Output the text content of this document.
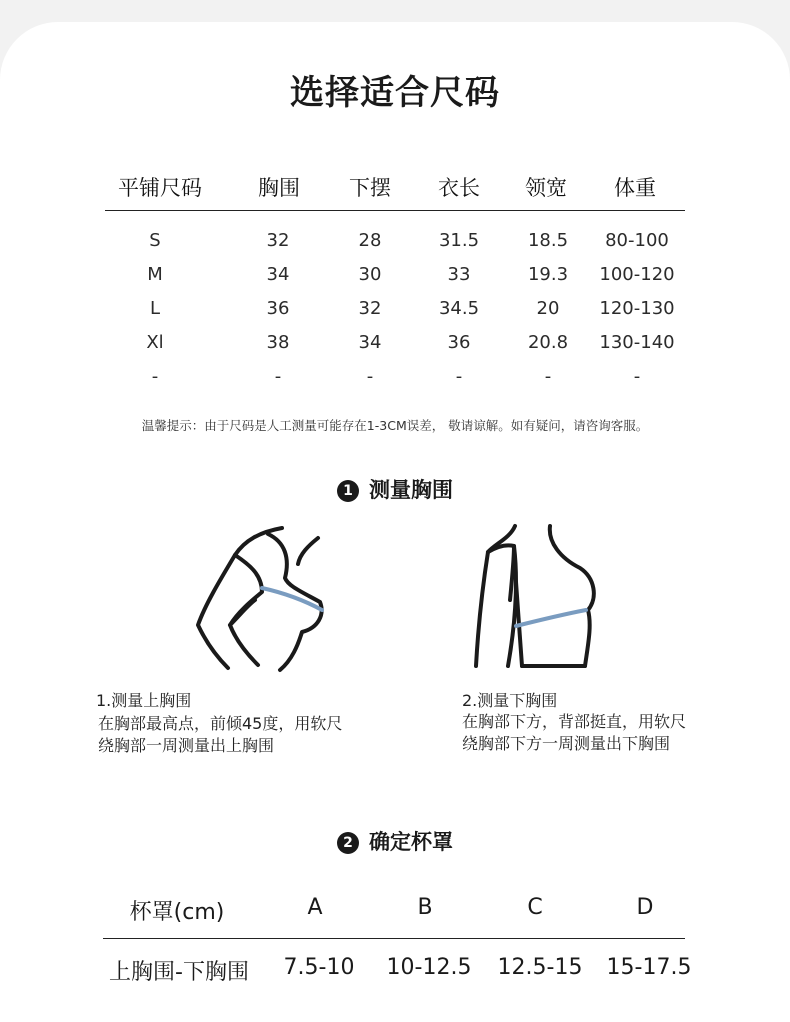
选择适合尺码
平铺尺码	胸围	下摆	衣长	领宽	体重
S	32	28	31.5	18.5	80-100
M	34	30	33	19.3	100-120
L	36	32	34.5	20	120-130
Xl	38	34	36	20.8	130-140
-	-	-	-	-	-
温馨提示：由于尺码是人工测量可能存在1-3CM误差， 敬请谅解。如有疑问，请咨询客服。
1 测量胸围
1.测量上胸围
在胸部最高点，前倾45度，用软尺
绕胸部一周测量出上胸围
2.测量下胸围
在胸部下方，背部挺直，用软尺
绕胸部下方一周测量出下胸围
2 确定杯罩
杯罩(cm)	A	B	C	D
上胸围-下胸围	7.5-10	10-12.5	12.5-15	15-17.5
